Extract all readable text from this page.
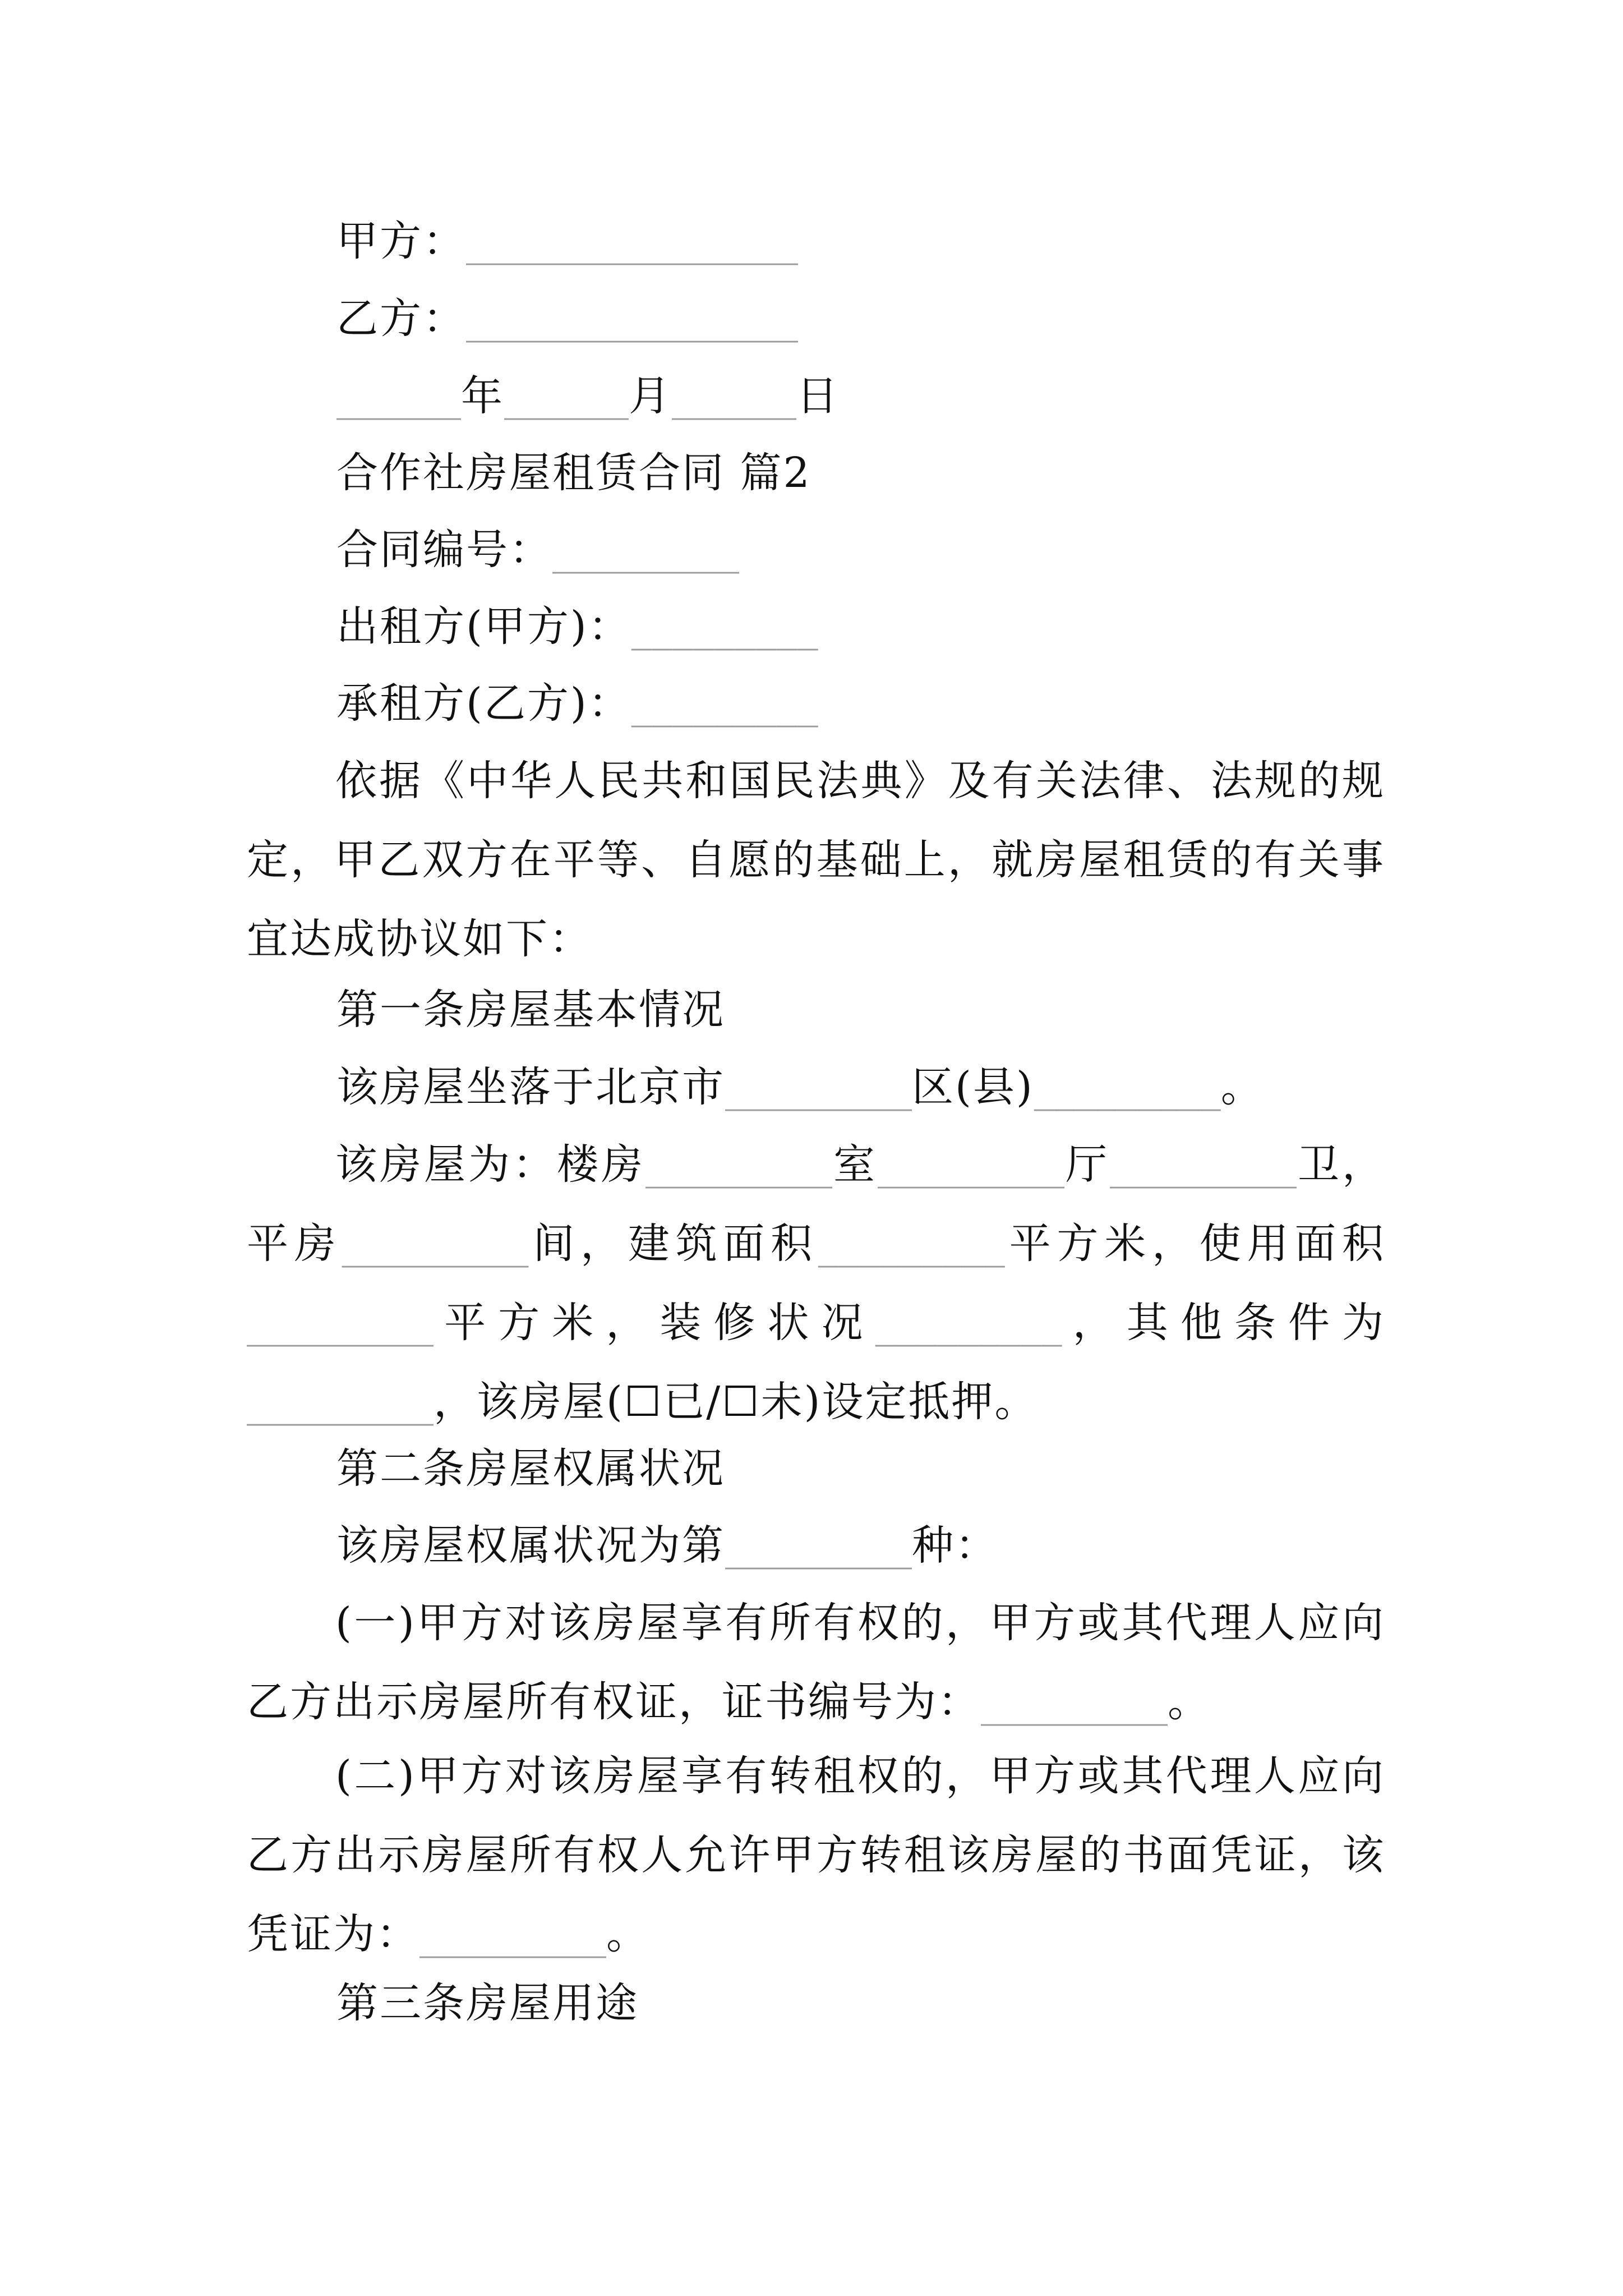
甲方：________________
乙方：________________
______年______月______日
合作社房屋租赁合同 篇2
合同编号：_________
出租方(甲方)：_________
承租方(乙方)：_________
依据《中华人民共和国民法典》及有关法律、法规的规定，甲乙双方在平等、自愿的基础上，就房屋租赁的有关事宜达成协议如下：
第一条房屋基本情况
该房屋坐落于北京市_________区(县)_________。
该房屋为：楼房_________室_________厅_________卫，平房_________间，建筑面积_________平方米，使用面积_________平方米，装修状况_________，其他条件为_________，该房屋(☐已/☐未)设定抵押。
第二条房屋权属状况
该房屋权属状况为第_________种：
(一)甲方对该房屋享有所有权的，甲方或其代理人应向乙方出示房屋所有权证，证书编号为：_________。
(二)甲方对该房屋享有转租权的，甲方或其代理人应向乙方出示房屋所有权人允许甲方转租该房屋的书面凭证，该凭证为：_________。
第三条房屋用途
